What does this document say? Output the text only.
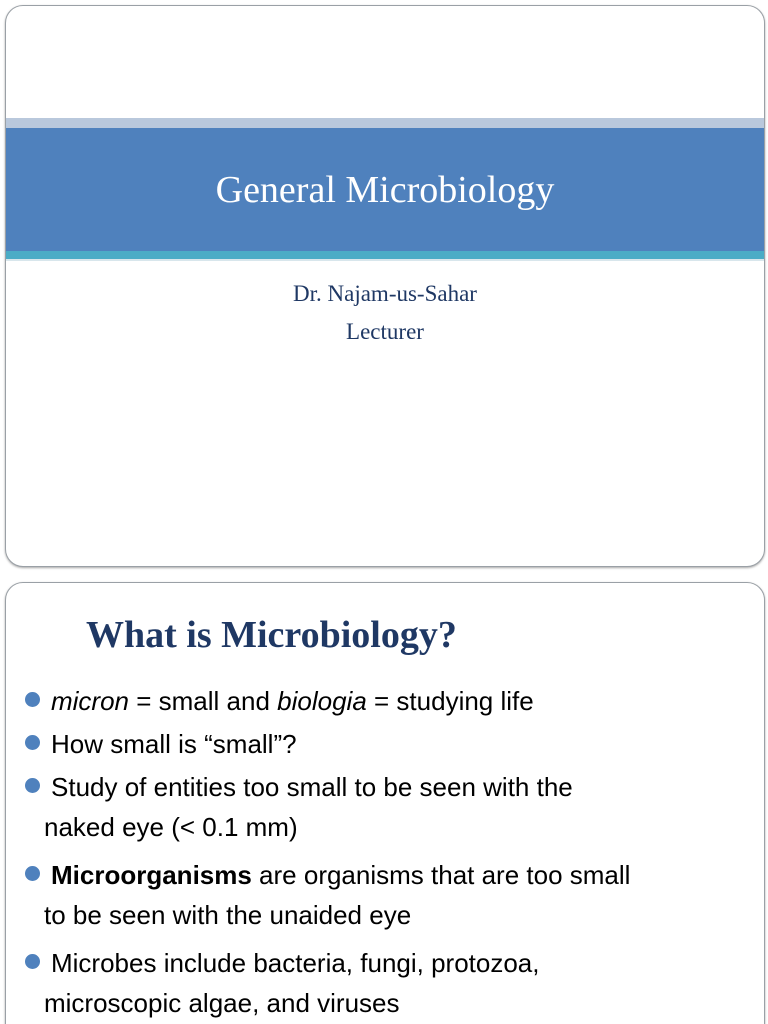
General Microbiology
Dr. Najam-us-Sahar
Lecturer
What is Microbiology?
micron = small and biologia = studying life
How small is “small”?
Study of entities too small to be seen with the
naked eye (< 0.1 mm)
Microorganisms are organisms that are too small
to be seen with the unaided eye
Microbes include bacteria, fungi, protozoa,
microscopic algae, and viruses
